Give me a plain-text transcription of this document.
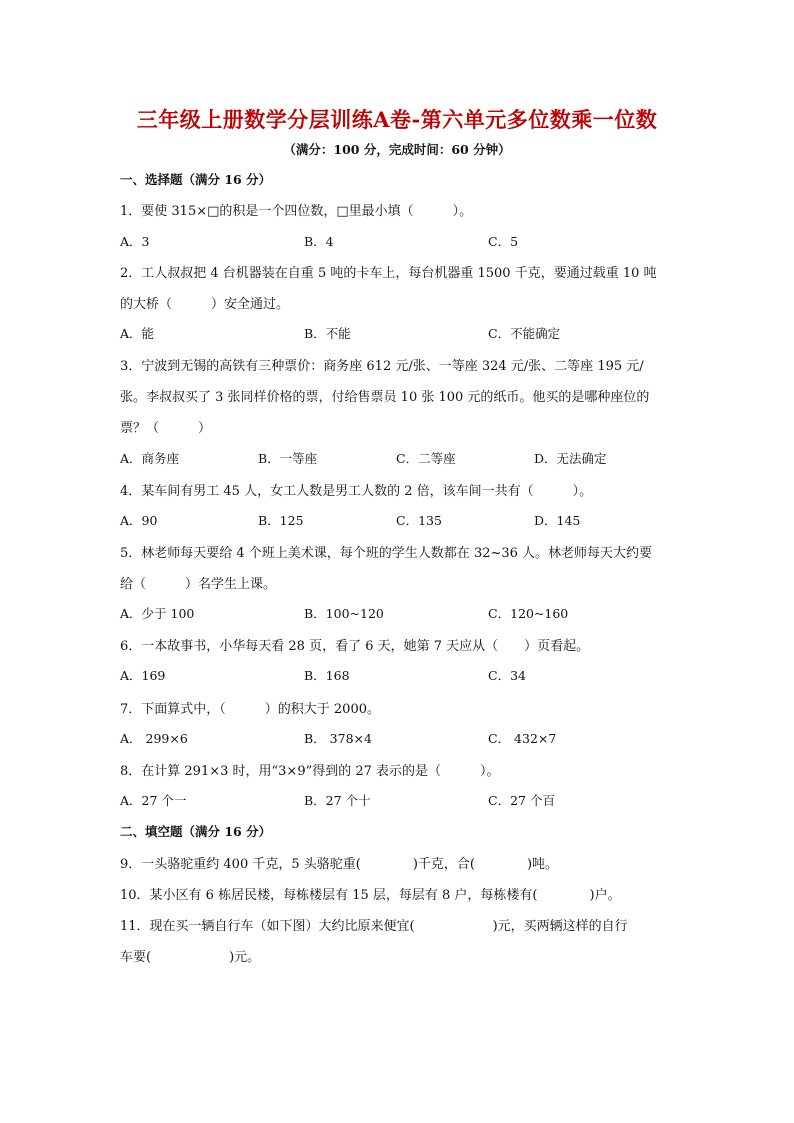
三年级上册数学分层训练A卷-第六单元多位数乘一位数
（满分：100 分，完成时间：60 分钟）
一、选择题（满分 16 分）
1．要使 315×□的积是一个四位数，□里最小填（　　　）。
A．3	B．4	C．5
2．工人叔叔把 4 台机器装在自重 5 吨的卡车上，每台机器重 1500 千克，要通过载重 10 吨
的大桥（　　　）安全通过。
A．能	B．不能	C．不能确定
3．宁波到无锡的高铁有三种票价：商务座 612 元/张、一等座 324 元/张、二等座 195 元/
张。李叔叔买了 3 张同样价格的票，付给售票员 10 张 100 元的纸币。他买的是哪种座位的
票？（　　　）
A．商务座	B．一等座	C．二等座	D．无法确定
4．某车间有男工 45 人，女工人数是男工人数的 2 倍，该车间一共有（　　　）。
A．90	B．125	C．135	D．145
5．林老师每天要给 4 个班上美术课，每个班的学生人数都在 32~36 人。林老师每天大约要
给（　　　）名学生上课。
A．少于 100	B．100~120	C．120~160
6．一本故事书，小华每天看 28 页，看了 6 天，她第 7 天应从（　　）页看起。
A．169	B．168	C．34
7．下面算式中，（　　　）的积大于 2000。
A． 299×6	B． 378×4	C． 432×7
8．在计算 291×3 时，用“3×9”得到的 27 表示的是（　　　）。
A．27 个一	B．27 个十	C．27 个百
二、填空题（满分 16 分）
9．一头骆驼重约 400 千克，5 头骆驼重(　　　　)千克，合(　　　　)吨。
10．某小区有 6 栋居民楼，每栋楼层有 15 层，每层有 8 户，每栋楼有(　　　　)户。
11．现在买一辆自行车（如下图）大约比原来便宜(　　　　　　)元，买两辆这样的自行
车要(　　　　　　)元。
